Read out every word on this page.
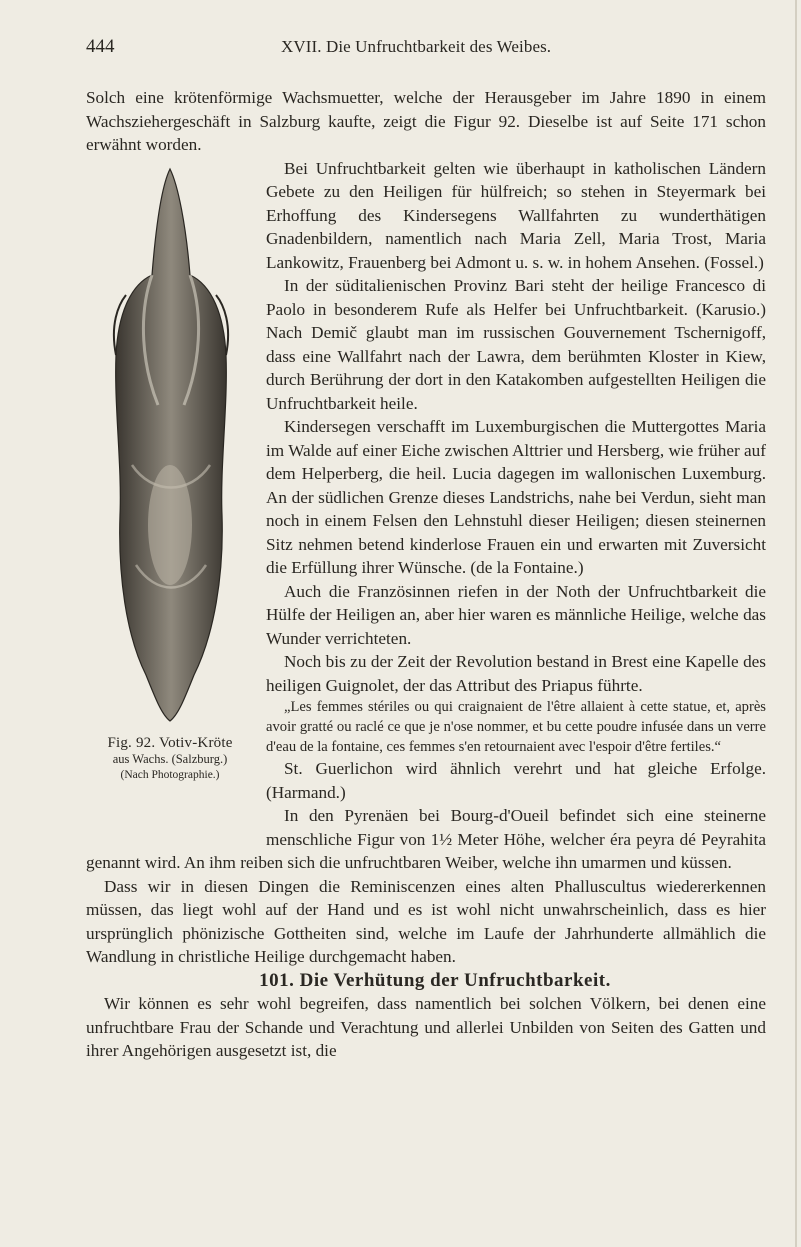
444	XVII. Die Unfruchtbarkeit des Weibes.

Solch eine krötenförmige Wachsmuetter, welche der Herausgeber im Jahre 1890 in einem Wachsziehergeschäft in Salzburg kaufte, zeigt die Figur 92. Dieselbe ist auf Seite 171 schon erwähnt worden.

Fig. 92. Votiv-Kröte
aus Wachs. (Salzburg.)
(Nach Photographie.)

Bei Unfruchtbarkeit gelten wie überhaupt in katholischen Ländern Gebete zu den Heiligen für hülfreich; so stehen in Steyermark bei Erhoffung des Kindersegens Wallfahrten zu wunderthätigen Gnadenbildern, namentlich nach Maria Zell, Maria Trost, Maria Lankowitz, Frauenberg bei Admont u. s. w. in hohem Ansehen. (Fossel.)

In der süditalienischen Provinz Bari steht der heilige Francesco di Paolo in besonderem Rufe als Helfer bei Unfruchtbarkeit. (Karusio.) Nach Demič glaubt man im russischen Gouvernement Tschernigoff, dass eine Wallfahrt nach der Lawra, dem berühmten Kloster in Kiew, durch Berührung der dort in den Katakomben aufgestellten Heiligen die Unfruchtbarkeit heile.

Kindersegen verschafft im Luxemburgischen die Muttergottes Maria im Walde auf einer Eiche zwischen Alttrier und Hersberg, wie früher auf dem Helperberg, die heil. Lucia dagegen im wallonischen Luxemburg. An der südlichen Grenze dieses Landstrichs, nahe bei Verdun, sieht man noch in einem Felsen den Lehnstuhl dieser Heiligen; diesen steinernen Sitz nehmen betend kinderlose Frauen ein und erwarten mit Zuversicht die Erfüllung ihrer Wünsche. (de la Fontaine.)

Auch die Französinnen riefen in der Noth der Unfruchtbarkeit die Hülfe der Heiligen an, aber hier waren es männliche Heilige, welche das Wunder verrichteten.

Noch bis zu der Zeit der Revolution bestand in Brest eine Kapelle des heiligen Guignolet, der das Attribut des Priapus führte.

„Les femmes stériles ou qui craignaient de l'être allaient à cette statue, et, après avoir gratté ou raclé ce que je n'ose nommer, et bu cette poudre infusée dans un verre d'eau de la fontaine, ces femmes s'en retournaient avec l'espoir d'être fertiles.“

St. Guerlichon wird ähnlich verehrt und hat gleiche Erfolge. (Harmand.)

In den Pyrenäen bei Bourg-d'Oueil befindet sich eine steinerne menschliche Figur von 1½ Meter Höhe, welcher éra peyra dé Peyrahita genannt wird. An ihm reiben sich die unfruchtbaren Weiber, welche ihn umarmen und küssen.

Dass wir in diesen Dingen die Reminiscenzen eines alten Phalluscultus wiedererkennen müssen, das liegt wohl auf der Hand und es ist wohl nicht unwahrscheinlich, dass es hier ursprünglich phönizische Gottheiten sind, welche im Laufe der Jahrhunderte allmählich die Wandlung in christliche Heilige durchgemacht haben.

101. Die Verhütung der Unfruchtbarkeit.

Wir können es sehr wohl begreifen, dass namentlich bei solchen Völkern, bei denen eine unfruchtbare Frau der Schande und Verachtung und allerlei Unbilden von Seiten des Gatten und ihrer Angehörigen ausgesetzt ist, die
